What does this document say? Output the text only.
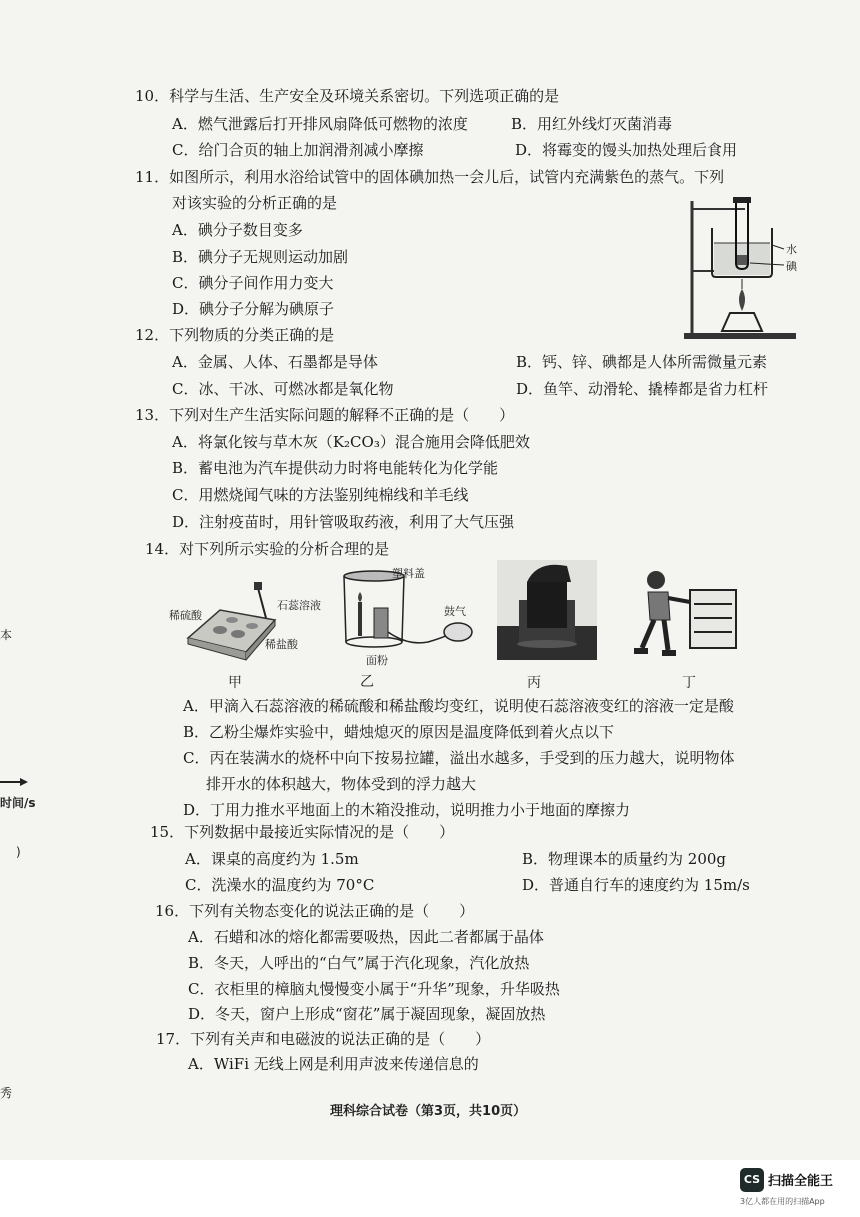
10．科学与生活、生产安全及环境关系密切。下列选项正确的是
A．燃气泄露后打开排风扇降低可燃物的浓度	B．用红外线灯灭菌消毒
C．给门合页的轴上加润滑剂减小摩擦	D．将霉变的馒头加热处理后食用
11．如图所示，利用水浴给试管中的固体碘加热一会儿后，试管内充满紫色的蒸气。下列
对该实验的分析正确的是
A．碘分子数目变多
B．碘分子无规则运动加剧
C．碘分子间作用力变大
D．碘分子分解为碘原子
水
碘
12．下列物质的分类正确的是
A．金属、人体、石墨都是导体	B．钙、锌、碘都是人体所需微量元素
C．冰、干冰、可燃冰都是氧化物	D．鱼竿、动滑轮、撬棒都是省力杠杆
13．下列对生产生活实际问题的解释不正确的是（　　）
A．将氯化铵与草木灰（K₂CO₃）混合施用会降低肥效
B．蓄电池为汽车提供动力时将电能转化为化学能
C．用燃烧闻气味的方法鉴别纯棉线和羊毛线
D．注射疫苗时，用针管吸取药液，利用了大气压强
14．对下列所示实验的分析合理的是
稀硫酸
石蕊溶液
稀盐酸
甲
塑料盖
鼓气
面粉
乙	丙	丁
A．甲滴入石蕊溶液的稀硫酸和稀盐酸均变红，说明使石蕊溶液变红的溶液一定是酸
B．乙粉尘爆炸实验中，蜡烛熄灭的原因是温度降低到着火点以下
C．丙在装满水的烧杯中向下按易拉罐，溢出水越多，手受到的压力越大，说明物体
排开水的体积越大，物体受到的浮力越大
D．丁用力推水平地面上的木箱没推动，说明推力小于地面的摩擦力
15．下列数据中最接近实际情况的是（　　）
A．课桌的高度约为 1.5m	B．物理课本的质量约为 200g
C．洗澡水的温度约为 70°C	D．普通自行车的速度约为 15m/s
16．下列有关物态变化的说法正确的是（　　）
A．石蜡和冰的熔化都需要吸热，因此二者都属于晶体
B．冬天，人呼出的“白气”属于汽化现象，汽化放热
C．衣柜里的樟脑丸慢慢变小属于“升华”现象，升华吸热
D．冬天，窗户上形成“窗花”属于凝固现象，凝固放热
17．下列有关声和电磁波的说法正确的是（　　）
A．WiFi 无线上网是利用声波来传递信息的
本
时间/s
)
秀
理科综合试卷（第3页，共10页）
CS 扫描全能王
3亿人都在用的扫描App
